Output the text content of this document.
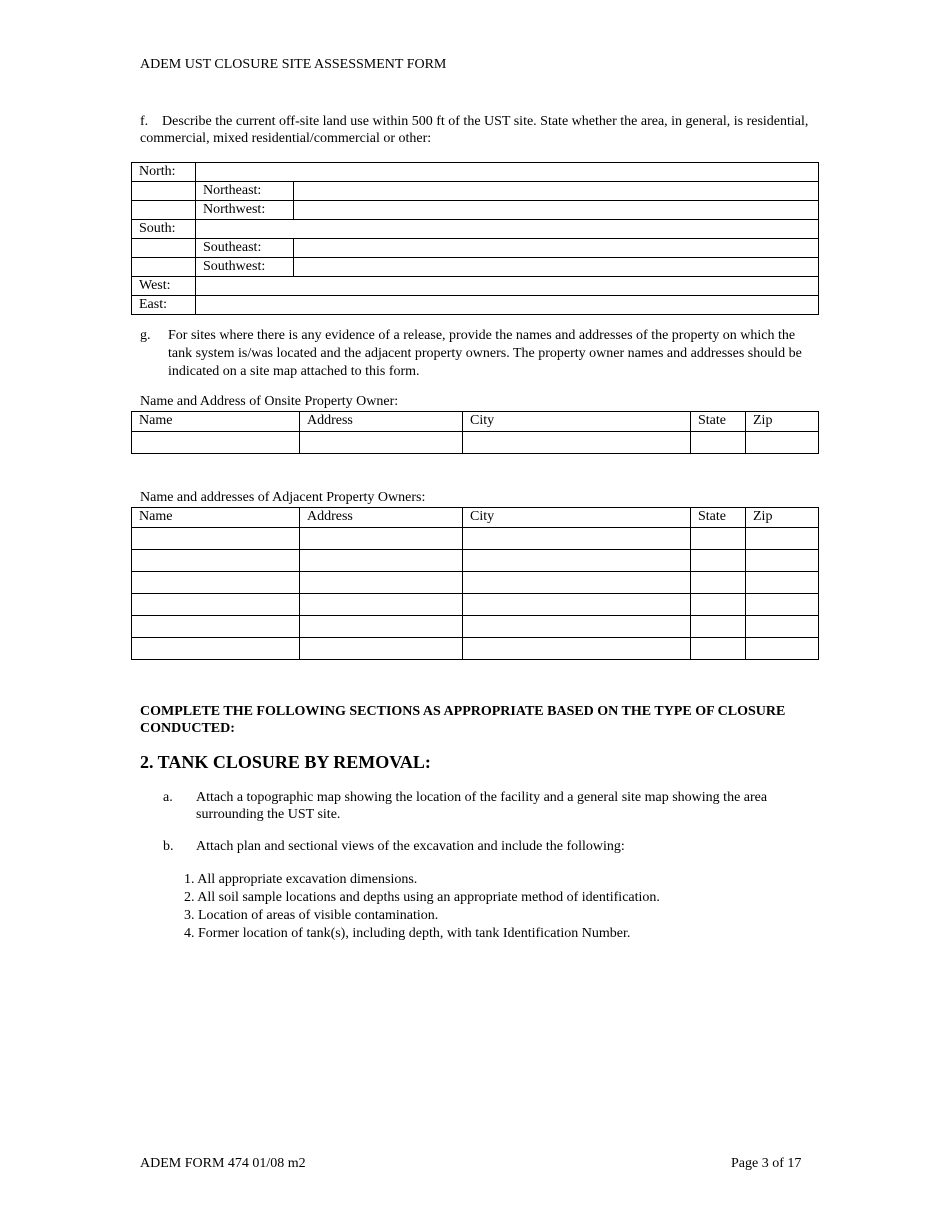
ADEM UST CLOSURE SITE ASSESSMENT FORM
f. Describe the current off-site land use within 500 ft of the UST site. State whether the area, in general, is residential, commercial, mixed residential/commercial or other:
North:		
	Northeast:	
	Northwest:	
South:		
	Southeast:	
	Southwest:	
West:		
East:		
g. For sites where there is any evidence of a release, provide the names and addresses of the property on which the tank system is/was located and the adjacent property owners. The property owner names and addresses should be indicated on a site map attached to this form.
Name and Address of Onsite Property Owner:
Name	Address	City	State	Zip

Name and addresses of Adjacent Property Owners:
Name	Address	City	State	Zip

COMPLETE THE FOLLOWING SECTIONS AS APPROPRIATE BASED ON THE TYPE OF CLOSURE CONDUCTED:
2. TANK CLOSURE BY REMOVAL:
a. Attach a topographic map showing the location of the facility and a general site map showing the area surrounding the UST site.
b. Attach plan and sectional views of the excavation and include the following:
1. All appropriate excavation dimensions.
2. All soil sample locations and depths using an appropriate method of identification.
3. Location of areas of visible contamination.
4. Former location of tank(s), including depth, with tank Identification Number.
ADEM FORM 474 01/08 m2	Page 3 of 17
